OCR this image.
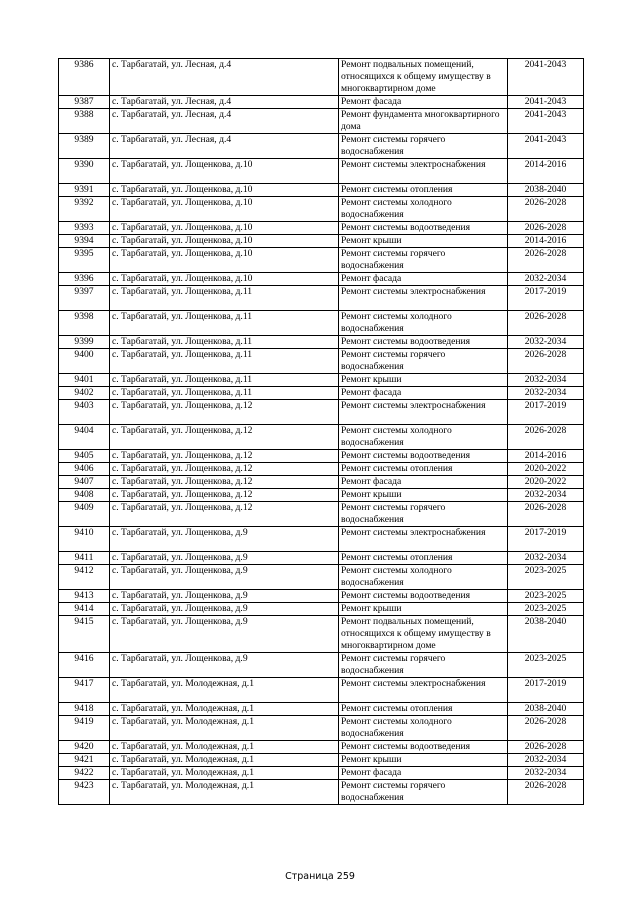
9386	с. Тарбагатай, ул. Лесная, д.4	Ремонт подвальных помещений, относящихся к общему имуществу в многоквартирном доме	2041-2043
9387	с. Тарбагатай, ул. Лесная, д.4	Ремонт фасада	2041-2043
9388	с. Тарбагатай, ул. Лесная, д.4	Ремонт фундамента многоквартирного дома	2041-2043
9389	с. Тарбагатай, ул. Лесная, д.4	Ремонт системы горячего водоснабжения	2041-2043
9390	с. Тарбагатай, ул. Лощенкова, д.10	Ремонт системы электроснабжения	2014-2016
9391	с. Тарбагатай, ул. Лощенкова, д.10	Ремонт системы отопления	2038-2040
9392	с. Тарбагатай, ул. Лощенкова, д.10	Ремонт системы холодного водоснабжения	2026-2028
9393	с. Тарбагатай, ул. Лощенкова, д.10	Ремонт системы водоотведения	2026-2028
9394	с. Тарбагатай, ул. Лощенкова, д.10	Ремонт крыши	2014-2016
9395	с. Тарбагатай, ул. Лощенкова, д.10	Ремонт системы горячего водоснабжения	2026-2028
9396	с. Тарбагатай, ул. Лощенкова, д.10	Ремонт фасада	2032-2034
9397	с. Тарбагатай, ул. Лощенкова, д.11	Ремонт системы электроснабжения	2017-2019
9398	с. Тарбагатай, ул. Лощенкова, д.11	Ремонт системы холодного водоснабжения	2026-2028
9399	с. Тарбагатай, ул. Лощенкова, д.11	Ремонт системы водоотведения	2032-2034
9400	с. Тарбагатай, ул. Лощенкова, д.11	Ремонт системы горячего водоснабжения	2026-2028
9401	с. Тарбагатай, ул. Лощенкова, д.11	Ремонт крыши	2032-2034
9402	с. Тарбагатай, ул. Лощенкова, д.11	Ремонт фасада	2032-2034
9403	с. Тарбагатай, ул. Лощенкова, д.12	Ремонт системы электроснабжения	2017-2019
9404	с. Тарбагатай, ул. Лощенкова, д.12	Ремонт системы холодного водоснабжения	2026-2028
9405	с. Тарбагатай, ул. Лощенкова, д.12	Ремонт системы водоотведения	2014-2016
9406	с. Тарбагатай, ул. Лощенкова, д.12	Ремонт системы отопления	2020-2022
9407	с. Тарбагатай, ул. Лощенкова, д.12	Ремонт фасада	2020-2022
9408	с. Тарбагатай, ул. Лощенкова, д.12	Ремонт крыши	2032-2034
9409	с. Тарбагатай, ул. Лощенкова, д.12	Ремонт системы горячего водоснабжения	2026-2028
9410	с. Тарбагатай, ул. Лощенкова, д.9	Ремонт системы электроснабжения	2017-2019
9411	с. Тарбагатай, ул. Лощенкова, д.9	Ремонт системы отопления	2032-2034
9412	с. Тарбагатай, ул. Лощенкова, д.9	Ремонт системы холодного водоснабжения	2023-2025
9413	с. Тарбагатай, ул. Лощенкова, д.9	Ремонт системы водоотведения	2023-2025
9414	с. Тарбагатай, ул. Лощенкова, д.9	Ремонт крыши	2023-2025
9415	с. Тарбагатай, ул. Лощенкова, д.9	Ремонт подвальных помещений, относящихся к общему имуществу в многоквартирном доме	2038-2040
9416	с. Тарбагатай, ул. Лощенкова, д.9	Ремонт системы горячего водоснабжения	2023-2025
9417	с. Тарбагатай, ул. Молодежная, д.1	Ремонт системы электроснабжения	2017-2019
9418	с. Тарбагатай, ул. Молодежная, д.1	Ремонт системы отопления	2038-2040
9419	с. Тарбагатай, ул. Молодежная, д.1	Ремонт системы холодного водоснабжения	2026-2028
9420	с. Тарбагатай, ул. Молодежная, д.1	Ремонт системы водоотведения	2026-2028
9421	с. Тарбагатай, ул. Молодежная, д.1	Ремонт крыши	2032-2034
9422	с. Тарбагатай, ул. Молодежная, д.1	Ремонт фасада	2032-2034
9423	с. Тарбагатай, ул. Молодежная, д.1	Ремонт системы горячего водоснабжения	2026-2028
Страница 259
